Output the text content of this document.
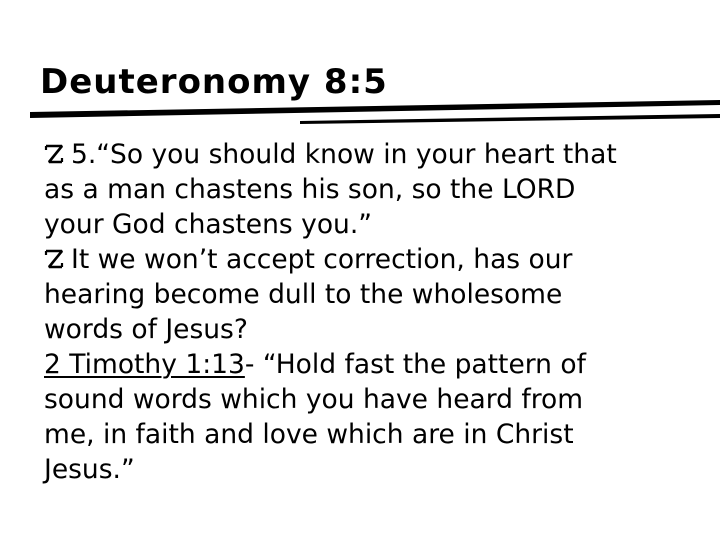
Deuteronomy 8:5

5.“So you should know in your heart that
as a man chastens his son, so the LORD
your God chastens you.”

It we won’t accept correction, has our
hearing become dull to the wholesome
words of Jesus?

2 Timothy 1:13- “Hold fast the pattern of
sound words which you have heard from
me, in faith and love which are in Christ
Jesus.”
